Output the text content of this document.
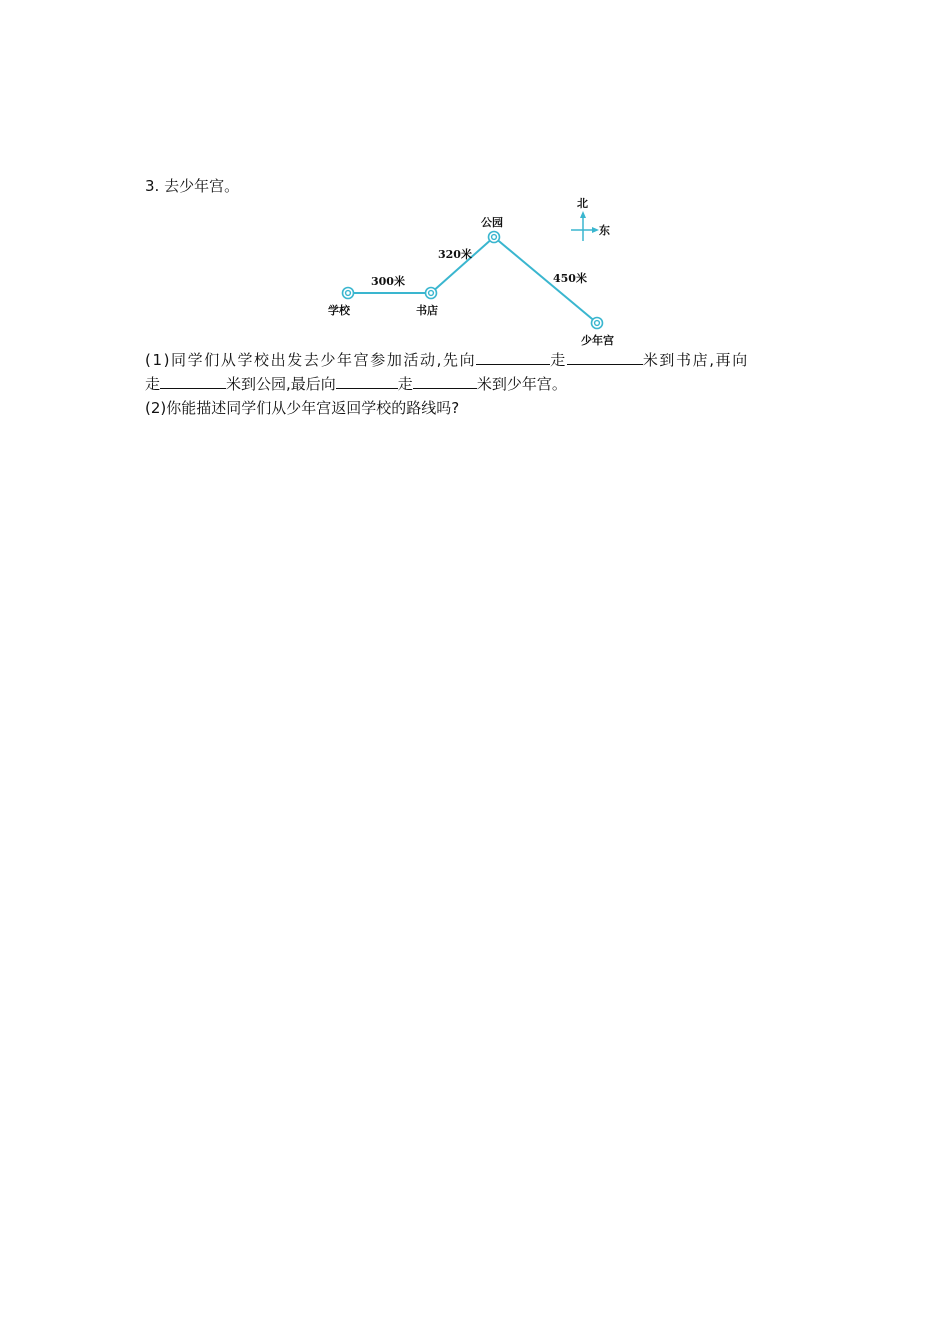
3. 去少年宫。
学校	书店
公园
少年宫
300米
320米
450米
北
东
(1)同学们从学校出发去少年宫参加活动,先向	走	米到书店,再向
走	米到公园,最后向	走	米到少年宫。
(2)你能描述同学们从少年宫返回学校的路线吗?
